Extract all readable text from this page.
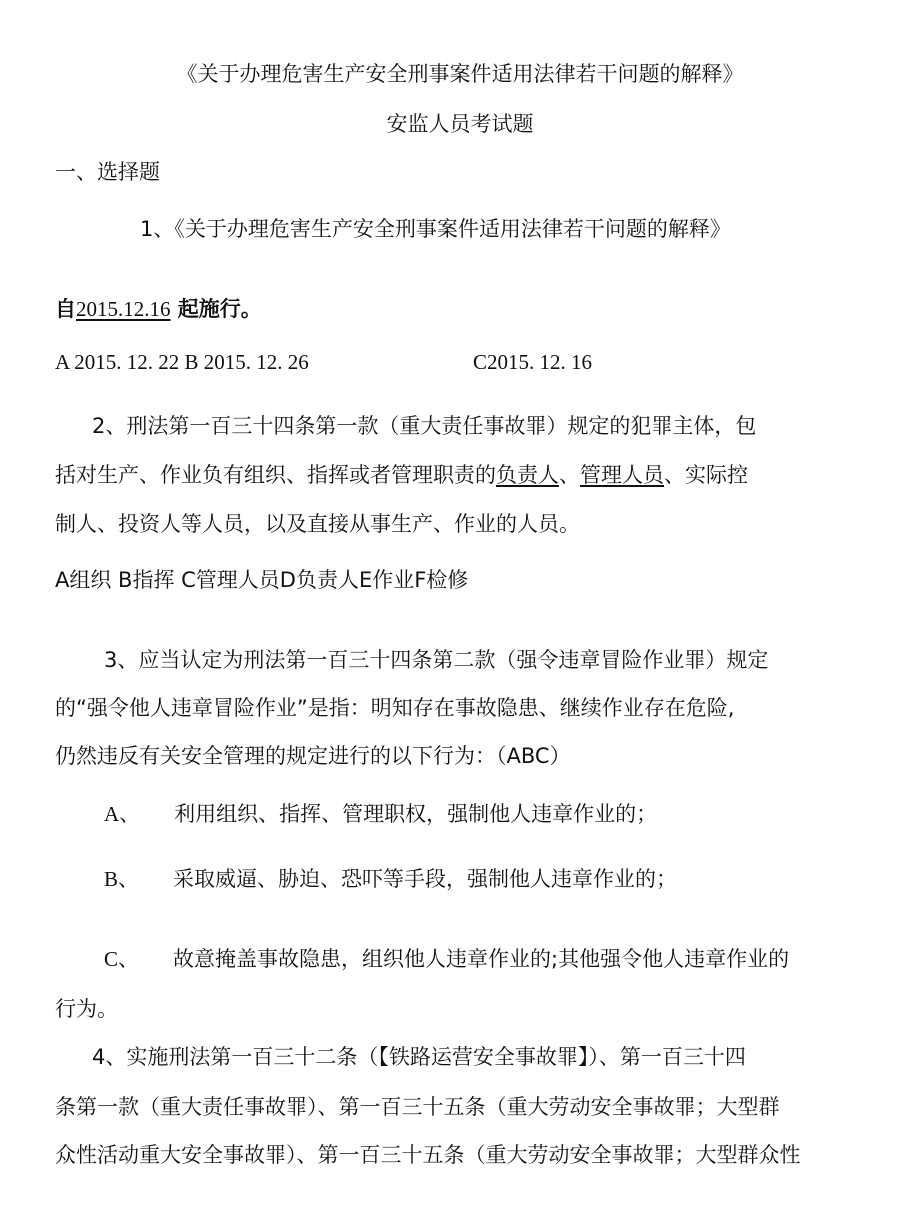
《关于办理危害生产安全刑事案件适用法律若干问题的解释》
安监人员考试题
一、选择题
1、《关于办理危害生产安全刑事案件适用法律若干问题的解释》
自2015.12.16 起施行。
A 2015. 12. 22 B 2015. 12. 26	C2015. 12. 16
2、刑法第一百三十四条第一款（重大责任事故罪）规定的犯罪主体，包
括对生产、作业负有组织、指挥或者管理职责的负责人、管理人员、实际控
制人、投资人等人员，以及直接从事生产、作业的人员。
A组织 B指挥 C管理人员D负责人E作业F检修
3、应当认定为刑法第一百三十四条第二款（强令违章冒险作业罪）规定
的“强令他人违章冒险作业”是指：明知存在事故隐患、继续作业存在危险,
仍然违反有关安全管理的规定进行的以下行为：（ABC）
A、 利用组织、指挥、管理职权，强制他人违章作业的；
B、 采取威逼、胁迫、恐吓等手段，强制他人违章作业的；
C、 故意掩盖事故隐患，组织他人违章作业的;其他强令他人违章作业的
行为。
4、实施刑法第一百三十二条（【铁路运营安全事故罪】）、第一百三十四
条第一款（重大责任事故罪）、第一百三十五条（重大劳动安全事故罪；大型群
众性活动重大安全事故罪）、第一百三十五条（重大劳动安全事故罪；大型群众性
